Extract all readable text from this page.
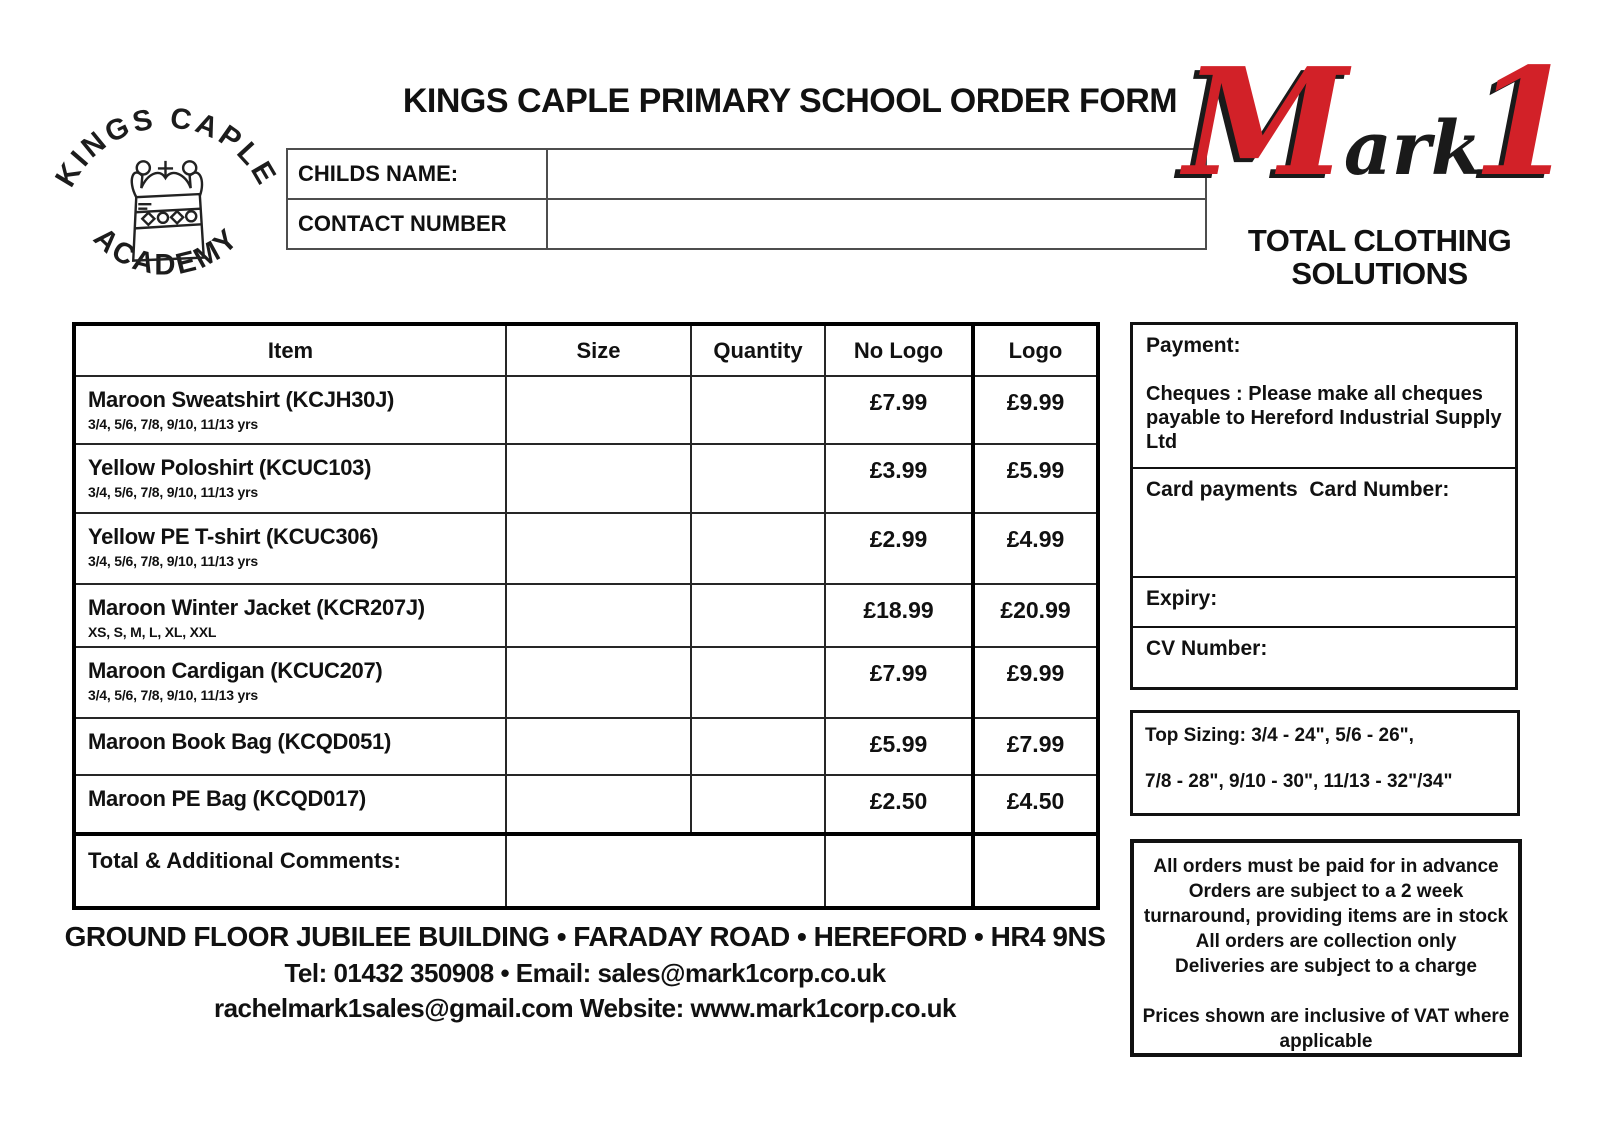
KINGS CAPLE
ACADEMY
KINGS CAPLE PRIMARY SCHOOL ORDER FORM
CHILDS NAME:	
CONTACT NUMBER	
M
ark
1
TOTAL CLOTHING
SOLUTIONS
Item	Size	Quantity	No Logo	Logo

Maroon Sweatshirt (KCJH30J)
3/4, 5/6, 7/8, 9/10, 11/13 yrs			£7.99	£9.99

Yellow Poloshirt (KCUC103)
3/4, 5/6, 7/8, 9/10, 11/13 yrs			£3.99	£5.99

Yellow PE T-shirt (KCUC306)
3/4, 5/6, 7/8, 9/10, 11/13 yrs			£2.99	£4.99

Maroon Winter Jacket (KCR207J)
XS, S, M, L, XL, XXL			£18.99	£20.99

Maroon Cardigan (KCUC207)
3/4, 5/6, 7/8, 9/10, 11/13 yrs			£7.99	£9.99

Maroon Book Bag (KCQD051)			£5.99	£7.99

Maroon PE Bag (KCQD017)			£2.50	£4.50
Total & Additional Comments:				
Payment:
Cheques : Please make all cheques payable to Hereford Industrial Supply Ltd
Card payments  Card Number:
Expiry:
CV Number:
Top Sizing: 3/4 - 24", 5/6 - 26",
7/8 - 28", 9/10 - 30", 11/13 - 32"/34"
All orders must be paid for in advance
Orders are subject to a 2 week
turnaround, providing items are in stock
All orders are collection only
Deliveries are subject to a charge

Prices shown are inclusive of VAT where
applicable
GROUND FLOOR JUBILEE BUILDING • FARADAY ROAD • HEREFORD • HR4 9NS
Tel: 01432 350908 • Email: sales@mark1corp.co.uk
rachelmark1sales@gmail.com Website: www.mark1corp.co.uk
